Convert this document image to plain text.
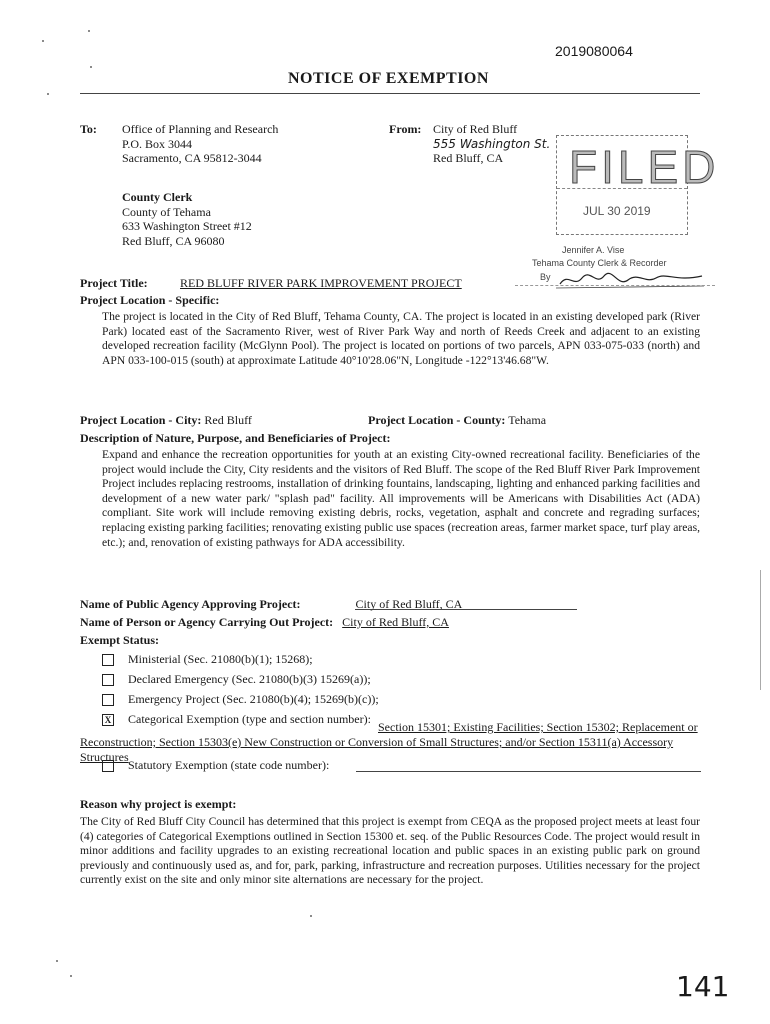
2019080064
NOTICE OF EXEMPTION
To: Office of Planning and Research
P.O. Box 3044
Sacramento, CA 95812-3044
County Clerk
County of Tehama
633 Washington Street #12
Red Bluff, CA 96080
From: City of Red Bluff
555 Washington St.
Red Bluff, CA	FILED
JUL 30 2019
Jennifer A. Vise
Tehama County Clerk & Recorder
By
Project Title:	RED BLUFF RIVER PARK IMPROVEMENT PROJECT
Project Location - Specific:
The project is located in the City of Red Bluff, Tehama County, CA. The project is located in an existing developed park (River Park) located east of the Sacramento River, west of River Park Way and north of Reeds Creek and adjacent to an existing developed recreation facility (McGlynn Pool). The project is located on portions of two parcels, APN 033-075-033 (north) and APN 033-100-015 (south) at approximate Latitude 40°10'28.06"N, Longitude -122°13'46.68"W.
Project Location - City: Red Bluff	Project Location - County: Tehama
Description of Nature, Purpose, and Beneficiaries of Project:
Expand and enhance the recreation opportunities for youth at an existing City-owned recreational facility. Beneficiaries of the project would include the City, City residents and the visitors of Red Bluff. The scope of the Red Bluff River Park Improvement Project includes replacing restrooms, installation of drinking fountains, landscaping, lighting and enhanced parking facilities and development of a new water park/ "splash pad" facility. All improvements will be Americans with Disabilities Act (ADA) compliant. Site work will include removing existing debris, rocks, vegetation, asphalt and concrete and regrading surfaces; replacing existing parking facilities; renovating existing public use spaces (recreation areas, farmer market space, turf play areas, etc.); and, renovation of existing pathways for ADA accessibility.
Name of Public Agency Approving Project:	City of Red Bluff, CA
Name of Person or Agency Carrying Out Project: City of Red Bluff, CA
Exempt Status:
Ministerial (Sec. 21080(b)(1); 15268);
Declared Emergency (Sec. 21080(b)(3) 15269(a));
Emergency Project (Sec. 21080(b)(4); 15269(b)(c));
X Categorical Exemption (type and section number):
Section 15301; Existing Facilities; Section 15302; Replacement or Reconstruction; Section 15303(e) New Construction or Conversion of Small Structures; and/or Section 15311(a) Accessory Structures
Statutory Exemption (state code number):
Reason why project is exempt:
The City of Red Bluff City Council has determined that this project is exempt from CEQA as the proposed project meets at least four (4) categories of Categorical Exemptions outlined in Section 15300 et. seq. of the Public Resources Code. The project would result in minor additions and facility upgrades to an existing recreational location and public spaces in an existing public park on ground previously and continuously used as, and for, park, parking, infrastructure and recreation purposes. Utilities necessary for the project currently exist on the site and only minor site alternations are necessary for the project.
141
